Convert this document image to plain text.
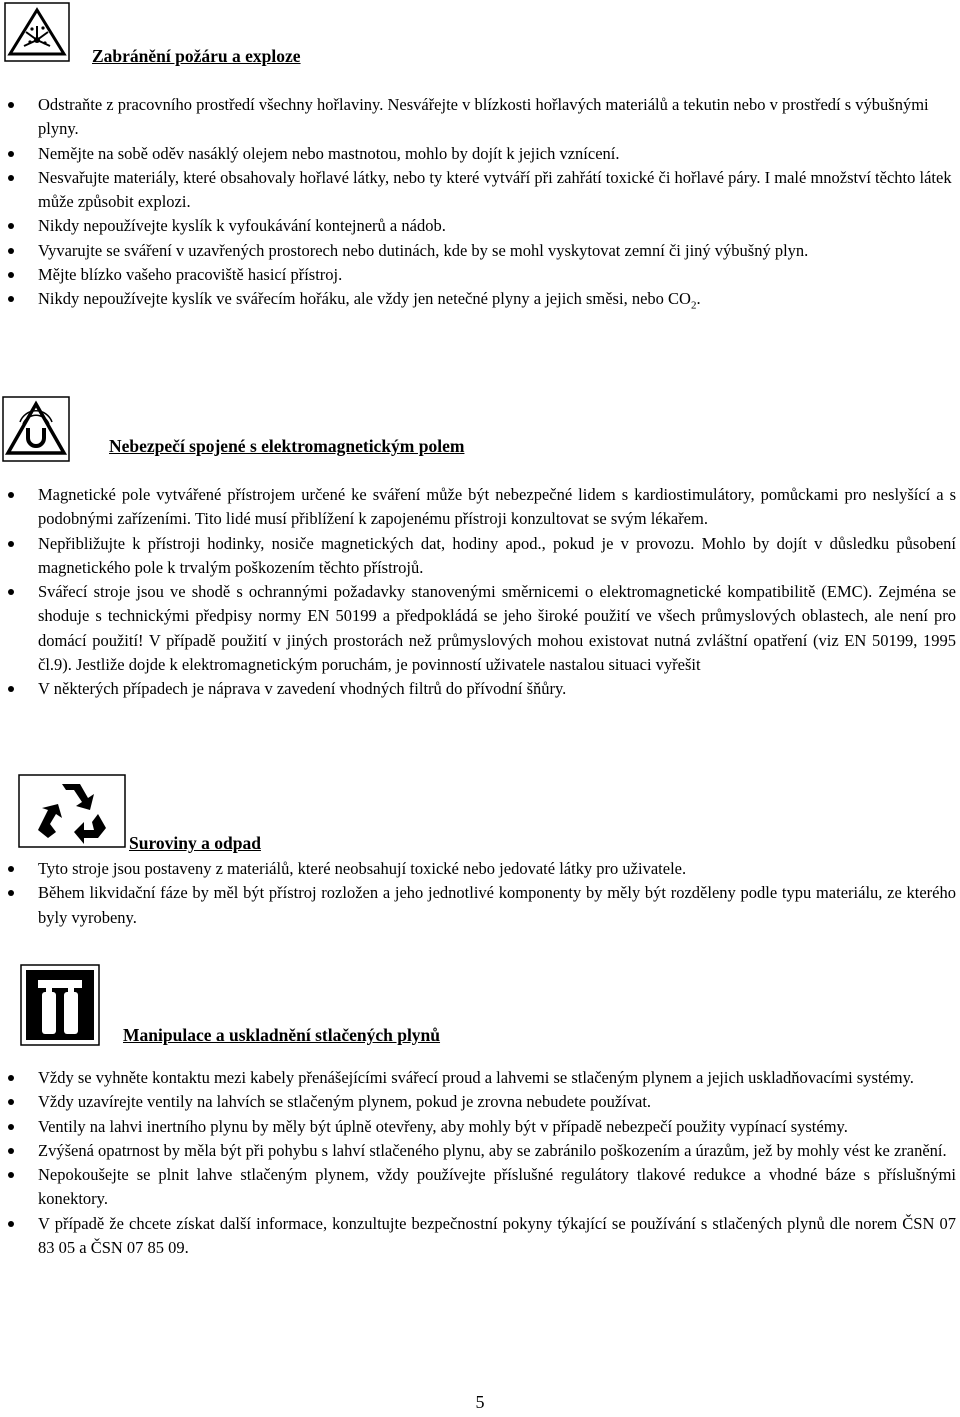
Zabránění požáru a exploze
Odstraňte z pracovního prostředí všechny hořlaviny. Nesvářejte v blízkosti hořlavých materiálů a tekutin nebo v prostředí s výbušnými plyny.
Nemějte na sobě oděv nasáklý olejem nebo mastnotou, mohlo by dojít k jejich vznícení.
Nesvařujte materiály, které obsahovaly hořlavé látky, nebo ty které vytváří při zahřátí toxické či hořlavé páry. I malé množství těchto látek může způsobit explozi.
Nikdy nepoužívejte kyslík k vyfoukávání kontejnerů a nádob.
Vyvarujte se sváření v uzavřených prostorech nebo dutinách, kde by se mohl vyskytovat zemní či jiný výbušný plyn.
Mějte blízko vašeho pracoviště hasicí přístroj.
Nikdy nepoužívejte kyslík ve svářecím hořáku, ale vždy jen netečné plyny a jejich směsi, nebo $CO_2$.
Nebezpečí spojené s elektromagnetickým polem
Magnetické pole vytvářené přístrojem určené ke sváření může být nebezpečné lidem s kardiostimulátory, pomůckami pro neslyšící a s podobnými zařízeními. Tito lidé musí přiblížení k zapojenému přístroji konzultovat se svým lékařem.
Nepřibližujte k přístroji hodinky, nosiče magnetických dat, hodiny apod., pokud je v provozu. Mohlo by dojít v důsledku působení magnetického pole k trvalým poškozením těchto přístrojů.
Svářecí stroje jsou ve shodě s ochrannými požadavky stanovenými směrnicemi o elektromagnetické kompatibilitě (EMC). Zejména se shoduje s technickými předpisy normy EN 50199 a předpokládá se jeho široké použití ve všech průmyslových oblastech, ale není pro domácí použití! V případě použití v jiných prostorách než průmyslových mohou existovat nutná zvláštní opatření (viz EN 50199, 1995 čl.9). Jestliže dojde k elektromagnetickým poruchám, je povinností uživatele nastalou situaci vyřešit
V některých případech je náprava v zavedení vhodných filtrů do přívodní šňůry.
Suroviny a odpad
Tyto stroje jsou postaveny z materiálů, které neobsahují toxické nebo jedovaté látky pro uživatele.
Během likvidační fáze by měl být přístroj rozložen a jeho jednotlivé komponenty by měly být rozděleny podle typu materiálu, ze kterého byly vyrobeny.
Manipulace a uskladnění stlačených plynů
Vždy se vyhněte kontaktu mezi kabely přenášejícími svářecí proud a lahvemi se stlačeným plynem a jejich uskladňovacími systémy.
Vždy uzavírejte ventily na lahvích se stlačeným plynem, pokud je zrovna nebudete používat.
Ventily na lahvi inertního plynu by měly být úplně otevřeny, aby mohly být v případě nebezpečí použity vypínací systémy.
Zvýšená opatrnost by měla být při pohybu s lahví stlačeného plynu, aby se zabránilo poškozením a úrazům, jež by mohly vést ke zranění.
Nepokoušejte se plnit lahve stlačeným plynem, vždy používejte příslušné regulátory tlakové redukce a vhodné báze s příslušnými konektory.
V případě že chcete získat další informace, konzultujte bezpečnostní pokyny týkající se používání s stlačených plynů dle norem ČSN 07 83 05 a ČSN 07 85 09.
5
